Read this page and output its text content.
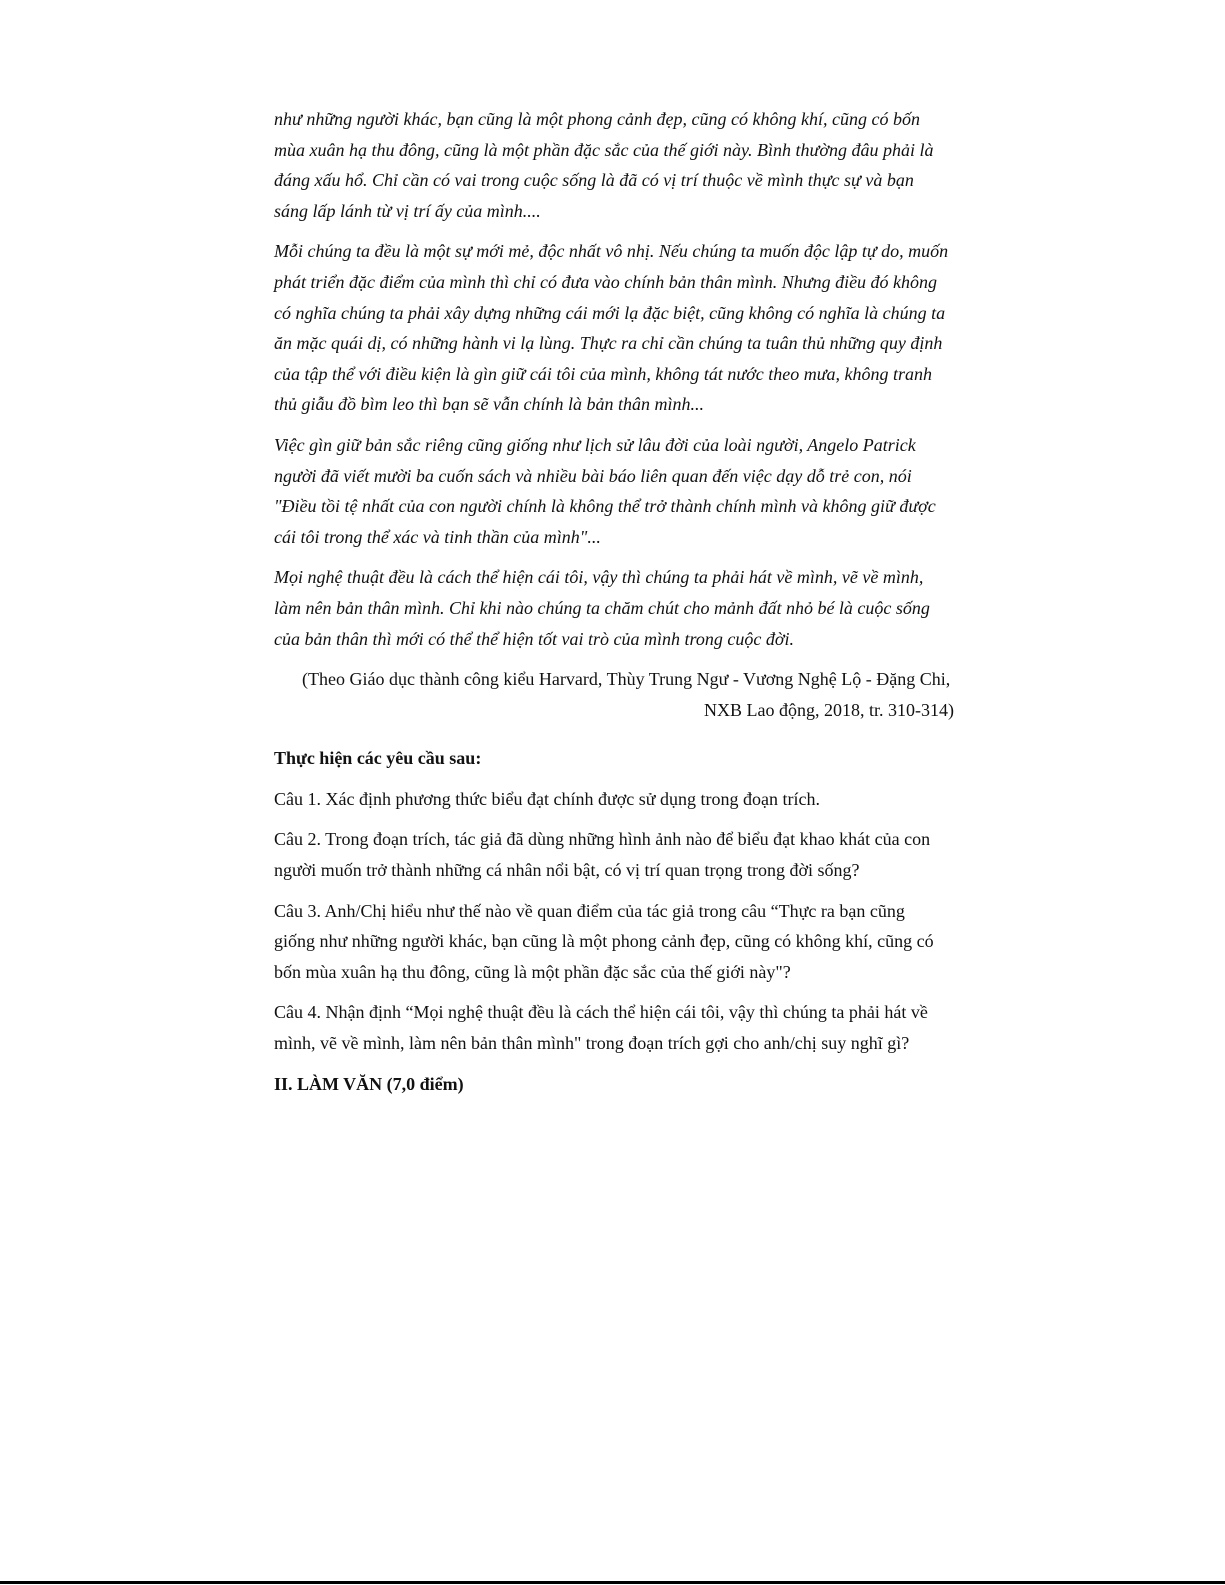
như những người khác, bạn cũng là một phong cảnh đẹp, cũng có không khí, cũng có bốn
mùa xuân hạ thu đông, cũng là một phần đặc sắc của thế giới này. Bình thường đâu phải là
đáng xấu hổ. Chỉ cần có vai trong cuộc sống là đã có vị trí thuộc về mình thực sự và bạn
sáng lấp lánh từ vị trí ấy của mình....

Mỗi chúng ta đều là một sự mới mẻ, độc nhất vô nhị. Nếu chúng ta muốn độc lập tự do, muốn
phát triển đặc điểm của mình thì chỉ có đưa vào chính bản thân mình. Nhưng điều đó không
có nghĩa chúng ta phải xây dựng những cái mới lạ đặc biệt, cũng không có nghĩa là chúng ta
ăn mặc quái dị, có những hành vi lạ lùng. Thực ra chỉ cần chúng ta tuân thủ những quy định
của tập thể với điều kiện là gìn giữ cái tôi của mình, không tát nước theo mưa, không tranh
thủ giẫu đồ bìm leo thì bạn sẽ vẫn chính là bản thân mình...

Việc gìn giữ bản sắc riêng cũng giống như lịch sử lâu đời của loài người, Angelo Patrick
người đã viết mười ba cuốn sách và nhiều bài báo liên quan đến việc dạy dỗ trẻ con, nói
"Điều tồi tệ nhất của con người chính là không thể trở thành chính mình và không giữ được
cái tôi trong thể xác và tinh thần của mình"...

Mọi nghệ thuật đều là cách thể hiện cái tôi, vậy thì chúng ta phải hát về mình, vẽ về mình,
làm nên bản thân mình. Chỉ khi nào chúng ta chăm chút cho mảnh đất nhỏ bé là cuộc sống
của bản thân thì mới có thể thể hiện tốt vai trò của mình trong cuộc đời.

(Theo Giáo dục thành công kiểu Harvard, Thùy Trung Ngư - Vương Nghệ Lộ - Đặng Chi,
NXB Lao động, 2018, tr. 310-314)

Thực hiện các yêu cầu sau:

Câu 1. Xác định phương thức biểu đạt chính được sử dụng trong đoạn trích.

Câu 2. Trong đoạn trích, tác giả đã dùng những hình ảnh nào để biểu đạt khao khát của con
người muốn trở thành những cá nhân nổi bật, có vị trí quan trọng trong đời sống?

Câu 3. Anh/Chị hiểu như thế nào về quan điểm của tác giả trong câu “Thực ra bạn cũng
giống như những người khác, bạn cũng là một phong cảnh đẹp, cũng có không khí, cũng có
bốn mùa xuân hạ thu đông, cũng là một phần đặc sắc của thế giới này"?

Câu 4. Nhận định “Mọi nghệ thuật đều là cách thể hiện cái tôi, vậy thì chúng ta phải hát về
mình, vẽ về mình, làm nên bản thân mình" trong đoạn trích gợi cho anh/chị suy nghĩ gì?

II. LÀM VĂN (7,0 điểm)
